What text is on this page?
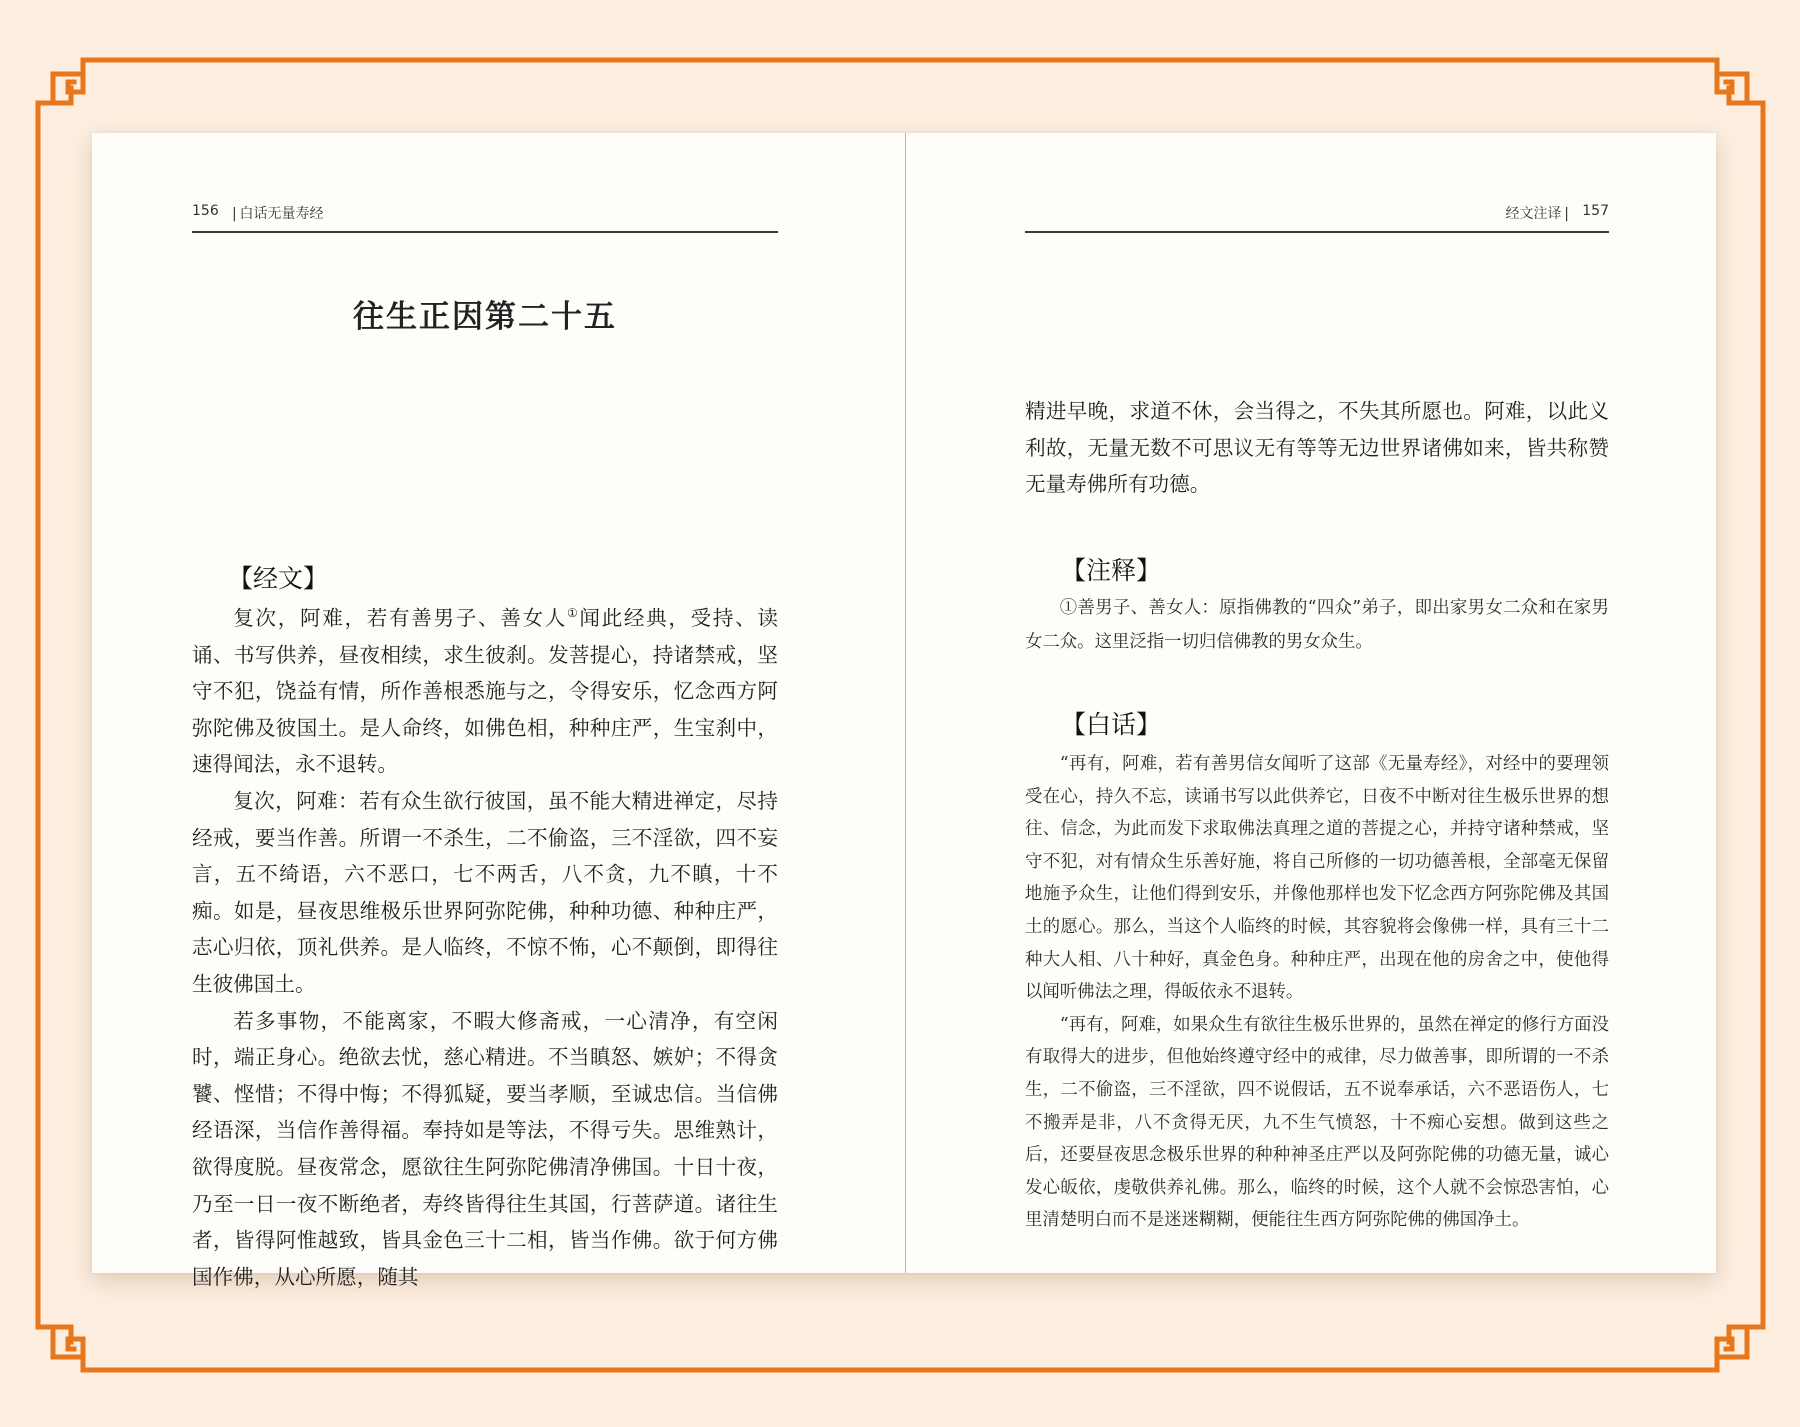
156 | 白话无量寿经
往生正因第二十五
【经文】

复次，阿难，若有善男子、善女人①闻此经典，受持、读诵、书写供养，昼夜相续，求生彼刹。发菩提心，持诸禁戒，坚守不犯，饶益有情，所作善根悉施与之，令得安乐，忆念西方阿弥陀佛及彼国土。是人命终，如佛色相，种种庄严，生宝刹中，速得闻法，永不退转。

复次，阿难：若有众生欲行彼国，虽不能大精进禅定，尽持经戒，要当作善。所谓一不杀生，二不偷盗，三不淫欲，四不妄言，五不绮语，六不恶口，七不两舌，八不贪，九不瞋，十不痴。如是，昼夜思维极乐世界阿弥陀佛，种种功德、种种庄严，志心归依，顶礼供养。是人临终，不惊不怖，心不颠倒，即得往生彼佛国土。

若多事物，不能离家，不暇大修斋戒，一心清净，有空闲时，端正身心。绝欲去忧，慈心精进。不当瞋怒、嫉妒；不得贪饕、悭惜；不得中悔；不得狐疑，要当孝顺，至诚忠信。当信佛经语深，当信作善得福。奉持如是等法，不得亏失。思维熟计，欲得度脱。昼夜常念，愿欲往生阿弥陀佛清净佛国。十日十夜，乃至一日一夜不断绝者，寿终皆得往生其国，行菩萨道。诸往生者，皆得阿惟越致，皆具金色三十二相，皆当作佛。欲于何方佛国作佛，从心所愿，随其

经文注译 | 157

精进早晚，求道不休，会当得之，不失其所愿也。阿难，以此义利故，无量无数不可思议无有等等无边世界诸佛如来，皆共称赞无量寿佛所有功德。

【注释】

①善男子、善女人：原指佛教的“四众”弟子，即出家男女二众和在家男女二众。这里泛指一切归信佛教的男女众生。

【白话】

“再有，阿难，若有善男信女闻听了这部《无量寿经》，对经中的要理领受在心，持久不忘，读诵书写以此供养它，日夜不中断对往生极乐世界的想往、信念，为此而发下求取佛法真理之道的菩提之心，并持守诸种禁戒，坚守不犯，对有情众生乐善好施，将自己所修的一切功德善根，全部毫无保留地施予众生，让他们得到安乐，并像他那样也发下忆念西方阿弥陀佛及其国土的愿心。那么，当这个人临终的时候，其容貌将会像佛一样，具有三十二种大人相、八十种好，真金色身。种种庄严，出现在他的房舍之中，使他得以闻听佛法之理，得皈依永不退转。

“再有，阿难，如果众生有欲往生极乐世界的，虽然在禅定的修行方面没有取得大的进步，但他始终遵守经中的戒律，尽力做善事，即所谓的一不杀生，二不偷盗，三不淫欲，四不说假话，五不说奉承话，六不恶语伤人，七不搬弄是非，八不贪得无厌，九不生气愤怒，十不痴心妄想。做到这些之后，还要昼夜思念极乐世界的种种神圣庄严以及阿弥陀佛的功德无量，诚心发心皈依，虔敬供养礼佛。那么，临终的时候，这个人就不会惊恐害怕，心里清楚明白而不是迷迷糊糊，便能往生西方阿弥陀佛的佛国净土。
